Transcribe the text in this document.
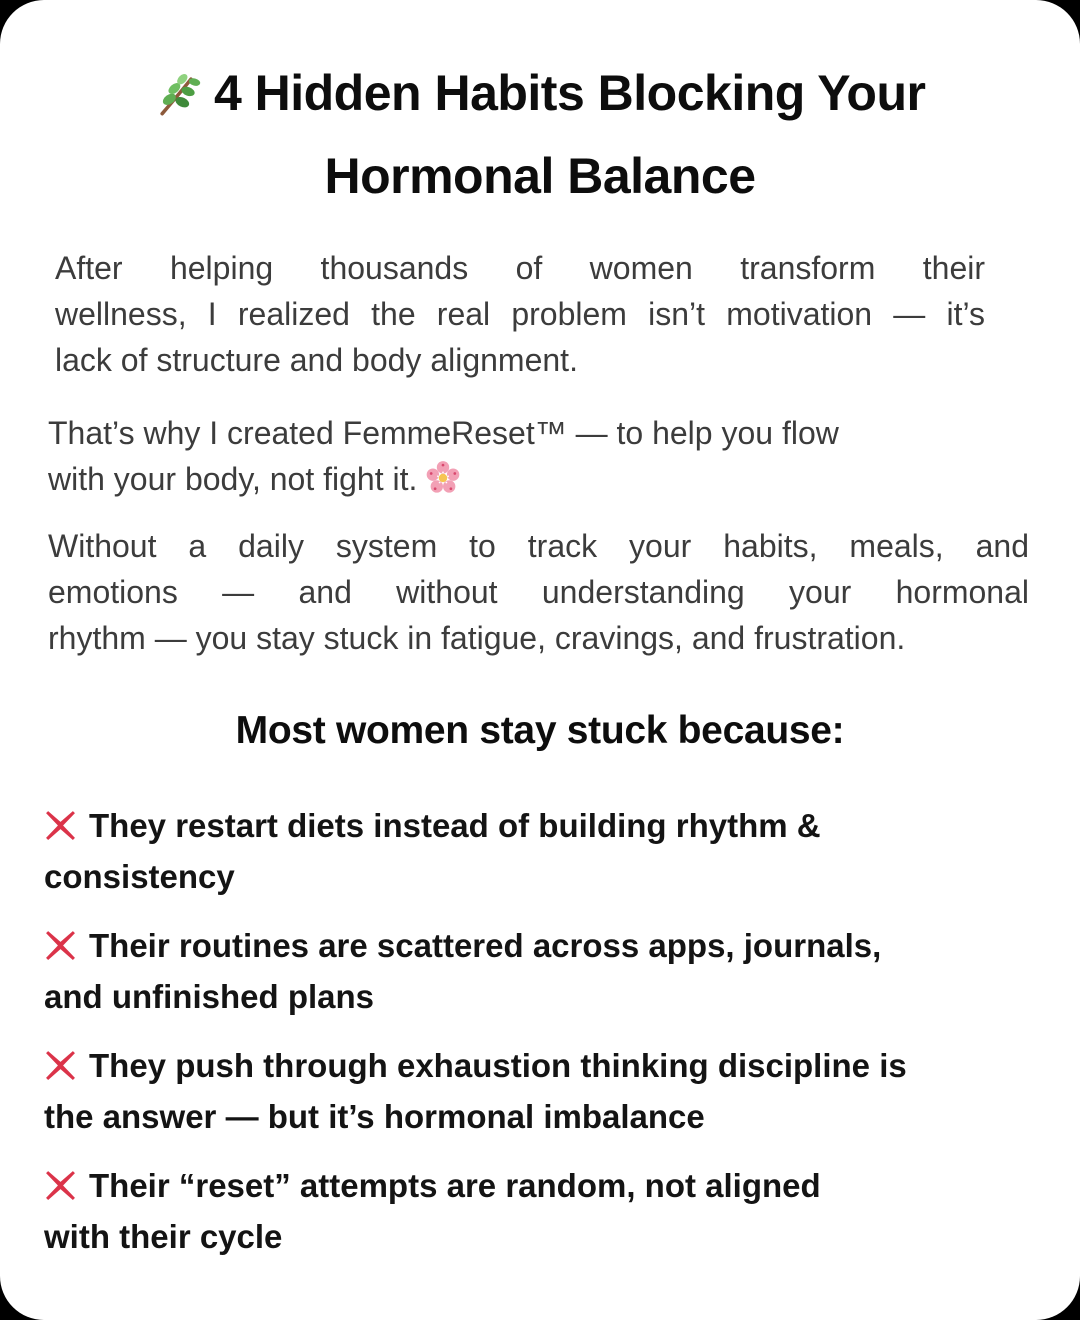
4 Hidden Habits Blocking Your
Hormonal Balance
After helping thousands of women transform their
wellness, I realized the real problem isn’t motivation — it’s
lack of structure and body alignment.
That’s why I created FemmeReset™ — to help you flow
with your body, not fight it.
Without a daily system to track your habits, meals, and
emotions — and without understanding your hormonal
rhythm — you stay stuck in fatigue, cravings, and frustration.
Most women stay stuck because:
They restart diets instead of building rhythm &
consistency
Their routines are scattered across apps, journals,
and unfinished plans
They push through exhaustion thinking discipline is
the answer — but it’s hormonal imbalance
Their “reset” attempts are random, not aligned
with their cycle
